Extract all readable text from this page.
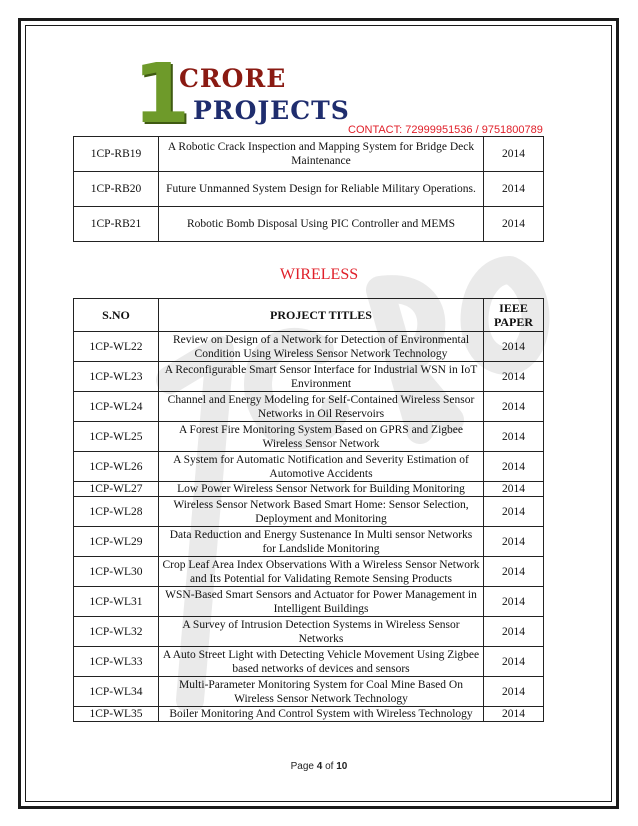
1
CRORE
PROJECTS
CONTACT: 72999951536 / 9751800789
1CP-RB19	A Robotic Crack Inspection and Mapping System for Bridge Deck Maintenance	2014
1CP-RB20	Future Unmanned System Design for Reliable Military Operations.	2014
1CP-RB21	Robotic Bomb Disposal Using PIC Controller and MEMS	2014
WIRELESS
S.NO	PROJECT TITLES	IEEE PAPER
1CP-WL22	Review on Design of a Network for Detection of Environmental Condition Using Wireless Sensor Network Technology	2014
1CP-WL23	A Reconfigurable Smart Sensor Interface for Industrial WSN in IoT Environment	2014
1CP-WL24	Channel and Energy Modeling for Self-Contained Wireless Sensor Networks in Oil Reservoirs	2014
1CP-WL25	A Forest Fire Monitoring System Based on GPRS and Zigbee Wireless Sensor Network	2014
1CP-WL26	A System for Automatic Notification and Severity Estimation of Automotive Accidents	2014
1CP-WL27	Low Power Wireless Sensor Network for Building Monitoring	2014
1CP-WL28	Wireless Sensor Network Based Smart Home: Sensor Selection, Deployment and Monitoring	2014
1CP-WL29	Data Reduction and Energy Sustenance In Multi sensor Networks for Landslide Monitoring	2014
1CP-WL30	Crop Leaf Area Index Observations With a Wireless Sensor Network and Its Potential for Validating Remote Sensing Products	2014
1CP-WL31	WSN-Based Smart Sensors and Actuator for Power Management in Intelligent Buildings	2014
1CP-WL32	A Survey of Intrusion Detection Systems in Wireless Sensor Networks	2014
1CP-WL33	A Auto Street Light with Detecting Vehicle Movement Using Zigbee based networks of devices and sensors	2014
1CP-WL34	Multi-Parameter Monitoring System for Coal Mine Based On Wireless Sensor Network Technology	2014
1CP-WL35	Boiler Monitoring And Control System with Wireless Technology	2014
Page 4 of 10
